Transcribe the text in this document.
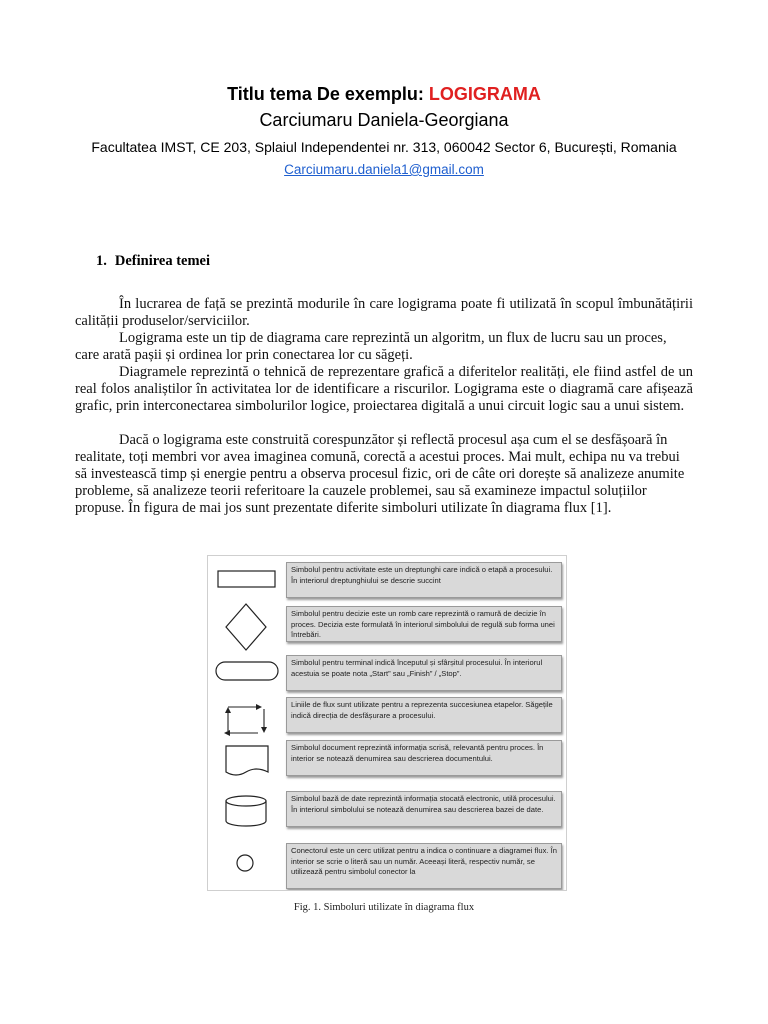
Titlu tema De exemplu: LOGIGRAMA
Carciumaru Daniela-Georgiana
Facultatea IMST, CE 203, Splaiul Independentei nr. 313, 060042 Sector 6, București, Romania
Carciumaru.daniela1@gmail.com
1. Definirea temei

În lucrarea de față se prezintă modurile în care logigrama poate fi utilizată în scopul îmbunătățirii calității produselor/serviciilor.

Logigrama este un tip de diagrama care reprezintă un algoritm, un flux de lucru sau un proces, care arată pașii și ordinea lor prin conectarea lor cu săgeți.

Diagramele reprezintă o tehnică de reprezentare grafică a diferitelor realități, ele fiind astfel de un real folos analiștilor în activitatea lor de identificare a riscurilor. Logigrama este o diagramă care afișează grafic, prin interconectarea simbolurilor logice, proiectarea digitală a unui circuit logic sau a unui sistem.

Dacă o logigrama este construită corespunzător și reflectă procesul așa cum el se desfășoară în realitate, toți membri vor avea imaginea comună, corectă a acestui proces. Mai mult, echipa nu va trebui să investească timp și energie pentru a observa procesul fizic, ori de câte ori dorește să analizeze anumite probleme, să analizeze teorii referitoare la cauzele problemei, sau să examineze impactul soluțiilor propuse. În figura de mai jos sunt prezentate diferite simboluri utilizate în diagrama flux [1].

Simbolul pentru activitate este un dreptunghi care indică o etapă a procesului. În interiorul dreptunghiului se descrie succint
Simbolul pentru decizie este un romb care reprezintă o ramură de decizie în proces. Decizia este formulată în interiorul simbolului de regulă sub forma unei întrebări.
Simbolul pentru terminal indică începutul și sfârșitul procesului. În interiorul acestuia se poate nota „Start” sau „Finish” / „Stop”.
Liniile de flux sunt utilizate pentru a reprezenta succesiunea etapelor. Săgețile indică direcția de desfășurare a procesului.
Simbolul document reprezintă informația scrisă, relevantă pentru proces. În interior se notează denumirea sau descrierea documentului.
Simbolul bază de date reprezintă informația stocată electronic, utilă procesului. În interiorul simbolului se notează denumirea sau descrierea bazei de date.
Conectorul este un cerc utilizat pentru a indica o continuare a diagramei flux. În interior se scrie o literă sau un număr. Aceeași literă, respectiv număr, se utilizează pentru simbolul conector la
Fig. 1. Simboluri utilizate în diagrama flux
